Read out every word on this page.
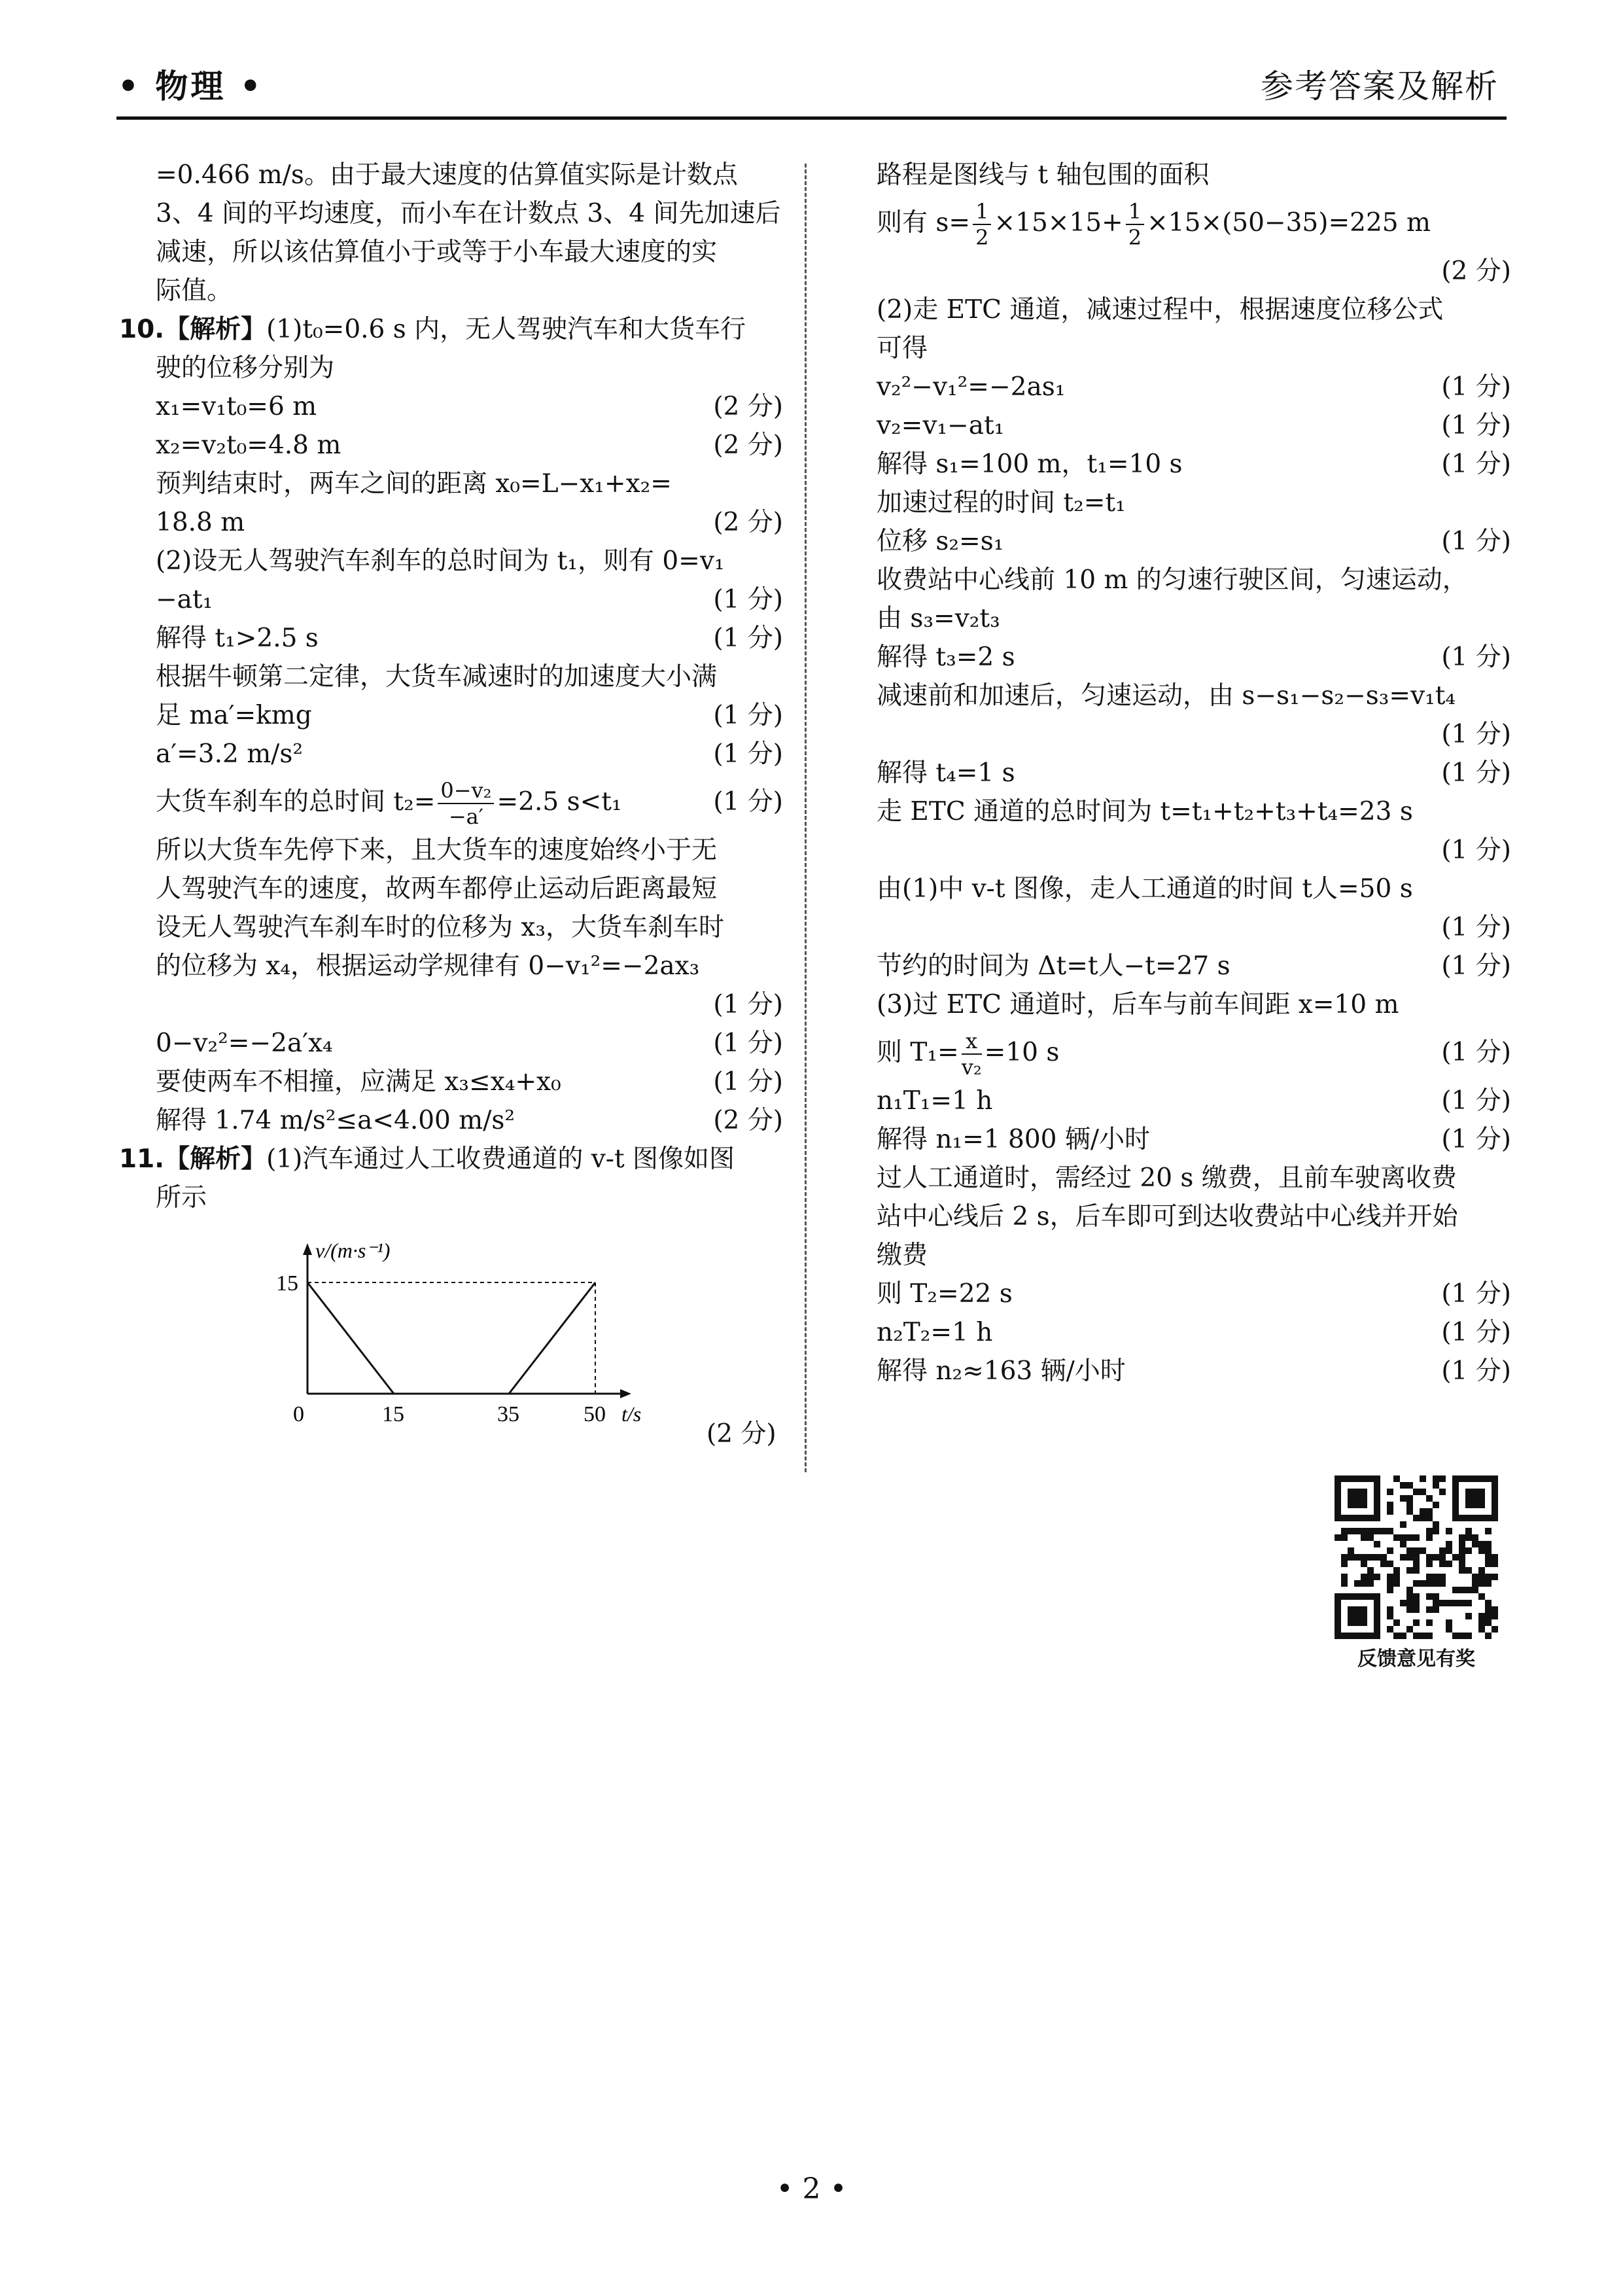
• 物理 •	参考答案及解析
=0.466 m/s。由于最大速度的估算值实际是计数点
3、4 间的平均速度，而小车在计数点 3、4 间先加速后
减速，所以该估算值小于或等于小车最大速度的实
际值。
10.【解析】(1)t₀=0.6 s 内，无人驾驶汽车和大货车行
驶的位移分别为
x₁=v₁t₀=6 m	(2 分)
x₂=v₂t₀=4.8 m	(2 分)
预判结束时，两车之间的距离 x₀=L−x₁+x₂=
18.8 m	(2 分)
(2)设无人驾驶汽车刹车的总时间为 t₁，则有 0=v₁
−at₁	(1 分)
解得 t₁>2.5 s	(1 分)
根据牛顿第二定律，大货车减速时的加速度大小满
足 ma′=kmg	(1 分)
a′=3.2 m/s²	(1 分)
大货车刹车的总时间 $t_2= \frac{\text{0−v₂}}{-a'} =2.5$ s<t₁	(1 分)
所以大货车先停下来，且大货车的速度始终小于无
人驾驶汽车的速度，故两车都停止运动后距离最短
设无人驾驶汽车刹车时的位移为 x₃，大货车刹车时
的位移为 x₄，根据运动学规律有 0−v₁²=−2ax₃
(1 分)
0−v₂²=−2a′x₄	(1 分)
要使两车不相撞，应满足 x₃≤x₄+x₀	(1 分)
解得 1.74 m/s²≤a<4.00 m/s²	(2 分)
11.【解析】(1)汽车通过人工收费通道的 v-t 图像如图
所示
路程是图线与 t 轴包围的面积
则有 $s= \frac{1}{2} \times 15\times 15+ \frac{1}{2} \times 15\times(50-35)=225$ m
(2 分)
(2)走 ETC 通道，减速过程中，根据速度位移公式
可得
v₂²−v₁²=−2as₁	(1 分)
v₂=v₁−at₁	(1 分)
解得 s₁=100 m，t₁=10 s	(1 分)
加速过程的时间 t₂=t₁
位移 s₂=s₁	(1 分)
收费站中心线前 10 m 的匀速行驶区间，匀速运动，
由 s₃=v₂t₃
解得 t₃=2 s	(1 分)
减速前和加速后，匀速运动，由 s−s₁−s₂−s₃=v₁t₄
(1 分)
解得 t₄=1 s	(1 分)
走 ETC 通道的总时间为 t=t₁+t₂+t₃+t₄=23 s
(1 分)
由(1)中 v-t 图像，走人工通道的时间 t人=50 s
(1 分)
节约的时间为 Δt=t人−t=27 s	(1 分)
(3)过 ETC 通道时，后车与前车间距 x=10 m
则 $T_1= \frac{x}{\text{v₂}} =10$ s	(1 分)
n₁T₁=1 h	(1 分)
解得 n₁=1 800 辆/小时	(1 分)
过人工通道时，需经过 20 s 缴费，且前车驶离收费
站中心线后 2 s，后车即可到达收费站中心线并开始
缴费
则 T₂=22 s	(1 分)
n₂T₂=1 h	(1 分)
解得 n₂≈163 辆/小时	(1 分)
0	15	35	50
15
v/(m·s⁻¹)
t/s
反馈意见有奖
• 2 •
(2 分)
